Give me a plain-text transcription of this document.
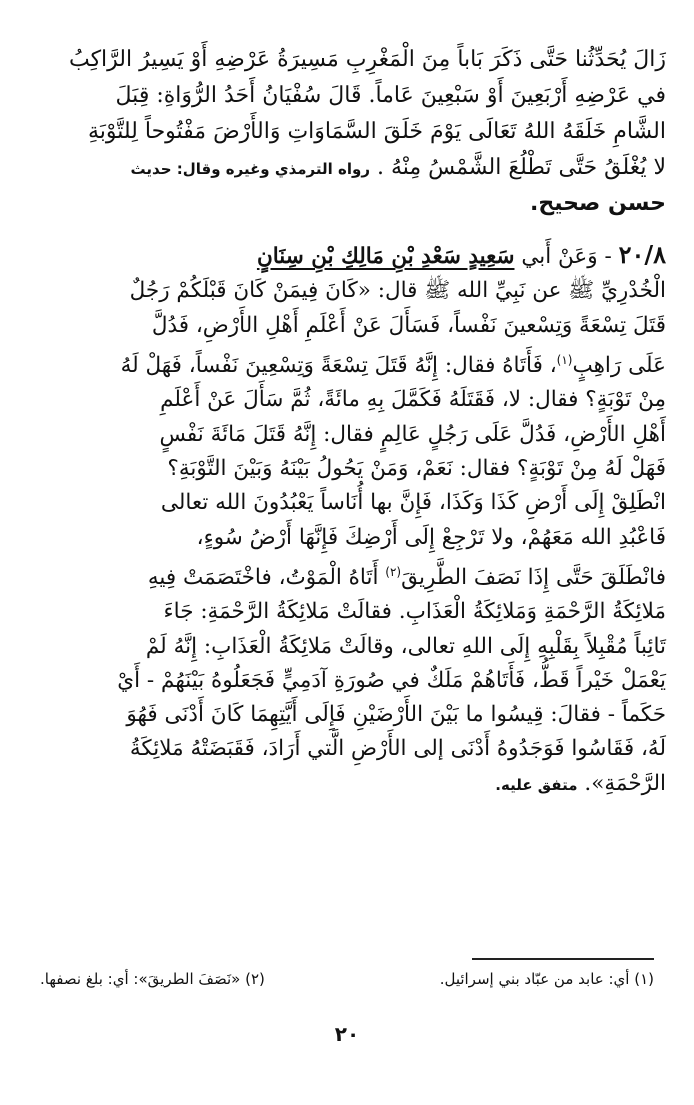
زَالَ يُحَدِّثُنا حَتَّى ذَكَرَ بَاباً مِنَ الْمَغْرِبِ مَسِيرَةُ عَرْضِهِ أَوْ يَسِيرُ الرَّاكِبُ
في عَرْضِهِ أَرْبَعِينَ أَوْ سَبْعِينَ عَاماً. قَالَ سُفْيَانُ أَحَدُ الرُّوَاةِ: قِبَلَ
الشَّامِ خَلَقَهُ اللهُ تَعَالَى يَوْمَ خَلَقَ السَّمَاوَاتِ وَالأَرْضَ مَفْتُوحاً لِلتَّوْبَةِ
لا يُغْلَقُ حَتَّى تَطْلُعَ الشَّمْسُ مِنْهُ . رواه الترمذي وغيره وقال: حديث
حسن صحيح.
٢٠/٨ - وَعَنْ أَبي سَعِيدٍ سَعْدِ بْنِ مَالِكِ بْنِ سِنَانٍ
الْخُدْرِيِّ ﷺ عن نَبِيِّ الله ﷺ قال: «كَانَ فِيمَنْ كَانَ قَبْلَكُمْ رَجُلٌ
قَتَلَ تِسْعَةً وَتِسْعينَ نَفْساً، فَسَأَلَ عَنْ أَعْلَمِ أَهْلِ الأَرْضِ، فَدُلَّ
عَلَى رَاهِبٍ$^{(١)}$، فَأَتَاهُ فقال: إِنَّهُ قَتَلَ تِسْعَةً وَتِسْعِينَ نَفْساً، فَهَلْ لَهُ
مِنْ تَوْبَةٍ؟ فقال: لا، فَقَتَلَهُ فَكَمَّلَ بِهِ مائَةً، ثُمَّ سَأَلَ عَنْ أَعْلَمِ
أَهْلِ الأَرْضِ، فَدُلَّ عَلَى رَجُلٍ عَالِمٍ فقال: إِنَّهُ قَتَلَ مَائَةَ نَفْسٍ
فَهَلْ لَهُ مِنْ تَوْبَةٍ؟ فقال: نَعَمْ، وَمَنْ يَحُولُ بَيْنَهُ وَبَيْنَ التَّوْبَةِ؟
انْطَلِقْ إِلَى أَرْضِ كَذَا وَكَذَا، فَإِنَّ بها أُنَاساً يَعْبُدُونَ الله تعالى
فَاعْبُدِ الله مَعَهُمْ، ولا تَرْجِعْ إِلَى أَرْضِكَ فَإِنَّهَا أَرْضُ سُوءٍ،
فانْطَلَقَ حَتَّى إِذَا نَصَفَ الطَّرِيقَ$^{(٢)}$ أَتَاهُ الْمَوْتُ، فاخْتَصَمَتْ فِيهِ
مَلائِكَةُ الرَّحْمَةِ وَمَلائِكَةُ الْعَذَابِ. فقالَتْ مَلائِكَةُ الرَّحْمَةِ: جَاءَ
تَائِباً مُقْبِلاً بِقَلْبِهِ إِلَى اللهِ تعالى، وقالَتْ مَلائِكَةُ الْعَذَابِ: إِنَّهُ لَمْ
يَعْمَلْ خَيْراً قَطُّ، فَأَتَاهُمْ مَلَكٌ في صُورَةِ آدَمِيٍّ فَجَعَلُوهُ بَيْنَهُمْ - أَيْ
حَكَماً - فقالَ: قِيسُوا ما بَيْنَ الأَرْضَيْنِ فَإِلَى أَيَّتِهِمَا كَانَ أَدْنَى فَهُوَ
لَهُ، فَقَاسُوا فَوَجَدُوهُ أَدْنَى إلى الأَرْضِ الَّتي أَرَادَ، فَقَبَضَتْهُ مَلائِكَةُ
الرَّحْمَةِ». متفق عليه.
(١) أي: عابد من عبّاد بني إسرائيل.
(٢) «نَصَفَ الطريقَ»: أي: بلغ نصفها.
٢٠
